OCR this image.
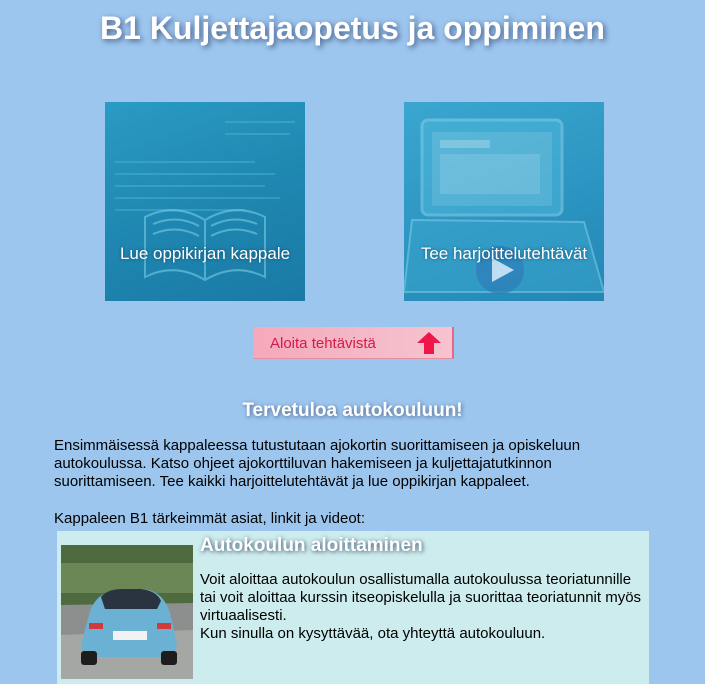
B1 Kuljettajaopetus ja oppiminen
Lue oppikirjan kappale	Tee harjoittelutehtävät
Aloita tehtävistä
Tervetuloa autokouluun!

Ensimmäisessä kappaleessa tutustutaan ajokortin suorittamiseen ja opiskeluun autokoulussa. Katso ohjeet ajokorttiluvan hakemiseen ja kuljettajatutkinnon suorittamiseen. Tee kaikki harjoittelutehtävät ja lue oppikirjan kappaleet.

Kappaleen B1 tärkeimmät asiat, linkit ja videot:
Autokoulun aloittaminen

Voit aloittaa autokoulun osallistumalla autokoulussa teoriatunnille tai voit aloittaa kurssin itseopiskelulla ja suorittaa teoriatunnit myös virtuaalisesti.

Kun sinulla on kysyttävää, ota yhteyttä autokouluun.
